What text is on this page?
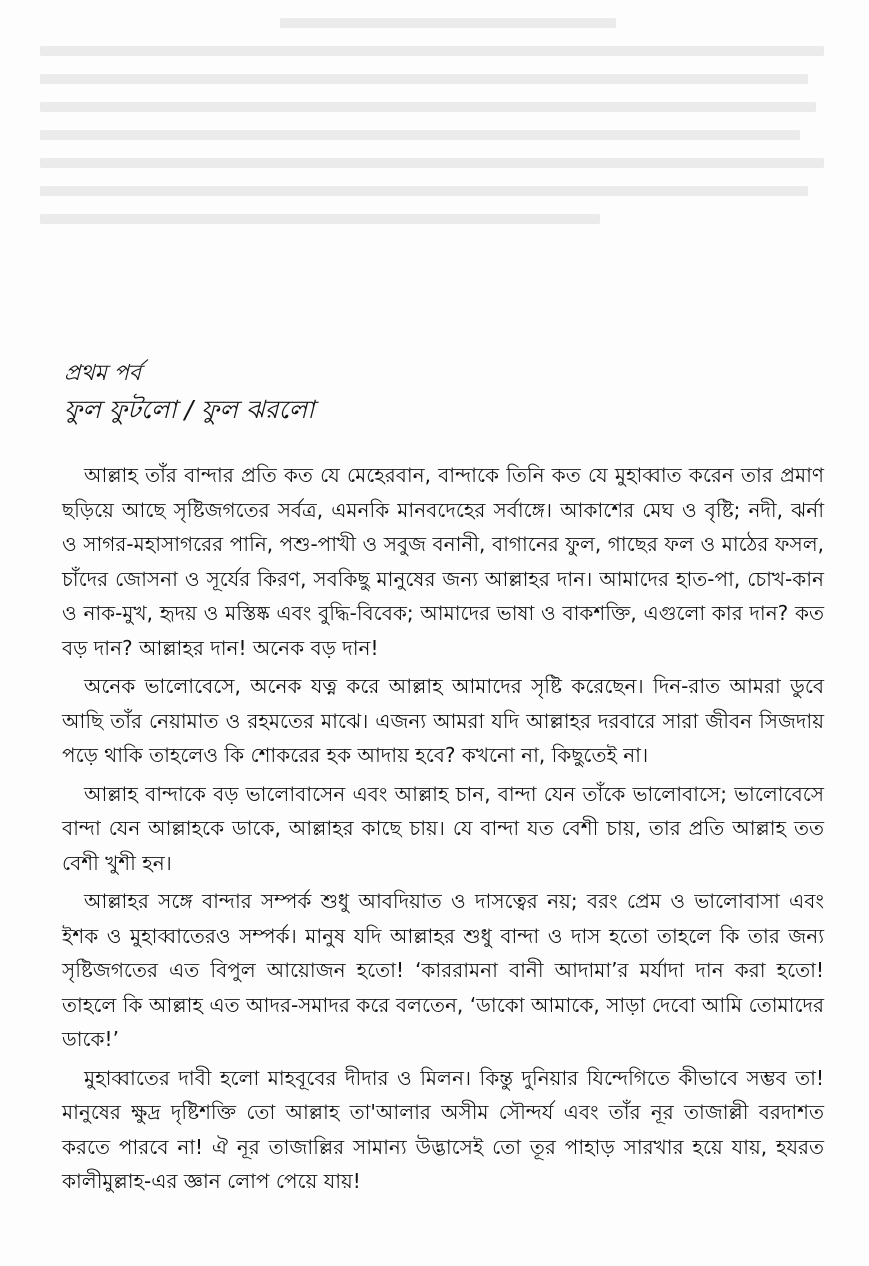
প্রথম পর্ব

ফুল ফুটলো / ফুল ঝরলো

আল্লাহ তাঁর বান্দার প্রতি কত যে মেহেরবান, বান্দাকে তিনি কত যে মুহাব্বাত করেন তার প্রমাণ ছড়িয়ে আছে সৃষ্টিজগতের সর্বত্র, এমনকি মানবদেহের সর্বাঙ্গে। আকাশের মেঘ ও বৃষ্টি; নদী, ঝর্না ও সাগর-মহাসাগরের পানি, পশু-পাখী ও সবুজ বনানী, বাগানের ফুল, গাছের ফল ও মাঠের ফসল, চাঁদের জোসনা ও সূর্যের কিরণ, সবকিছু মানুষের জন্য আল্লাহর দান। আমাদের হাত-পা, চোখ-কান ও নাক-মুখ, হৃদয় ও মস্তিষ্ক এবং বুদ্ধি-বিবেক; আমাদের ভাষা ও বাকশক্তি, এগুলো কার দান? কত বড় দান? আল্লাহর দান! অনেক বড় দান!

অনেক ভালোবেসে, অনেক যত্ন করে আল্লাহ আমাদের সৃষ্টি করেছেন। দিন-রাত আমরা ডুবে আছি তাঁর নেয়ামাত ও রহমতের মাঝে। এজন্য আমরা যদি আল্লাহর দরবারে সারা জীবন সিজদায় পড়ে থাকি তাহলেও কি শোকরের হক আদায় হবে? কখনো না, কিছুতেই না।

আল্লাহ বান্দাকে বড় ভালোবাসেন এবং আল্লাহ চান, বান্দা যেন তাঁকে ভালোবাসে; ভালোবেসে বান্দা যেন আল্লাহকে ডাকে, আল্লাহর কাছে চায়। যে বান্দা যত বেশী চায়, তার প্রতি আল্লাহ তত বেশী খুশী হন।

আল্লাহর সঙ্গে বান্দার সম্পর্ক শুধু আবদিয়াত ও দাসত্বের নয়; বরং প্রেম ও ভালোবাসা এবং ইশক ও মুহাব্বাতেরও সম্পর্ক। মানুষ যদি আল্লাহর শুধু বান্দা ও দাস হতো তাহলে কি তার জন্য সৃষ্টিজগতের এত বিপুল আয়োজন হতো! ‘কাররামনা বানী আদামা’র মর্যাদা দান করা হতো! তাহলে কি আল্লাহ এত আদর-সমাদর করে বলতেন, ‘ডাকো আমাকে, সাড়া দেবো আমি তোমাদের ডাকে!’

মুহাব্বাতের দাবী হলো মাহবূবের দীদার ও মিলন। কিন্তু দুনিয়ার যিন্দেগিতে কীভাবে সম্ভব তা! মানুষের ক্ষুদ্র দৃষ্টিশক্তি তো আল্লাহ তা'আলার অসীম সৌন্দর্য এবং তাঁর নূর তাজাল্লী বরদাশত করতে পারবে না! ঐ নূর তাজাল্লির সামান্য উদ্ভাসেই তো তূর পাহাড় সারখার হয়ে যায়, হযরত কালীমুল্লাহ-এর জ্ঞান লোপ পেয়ে যায়!
